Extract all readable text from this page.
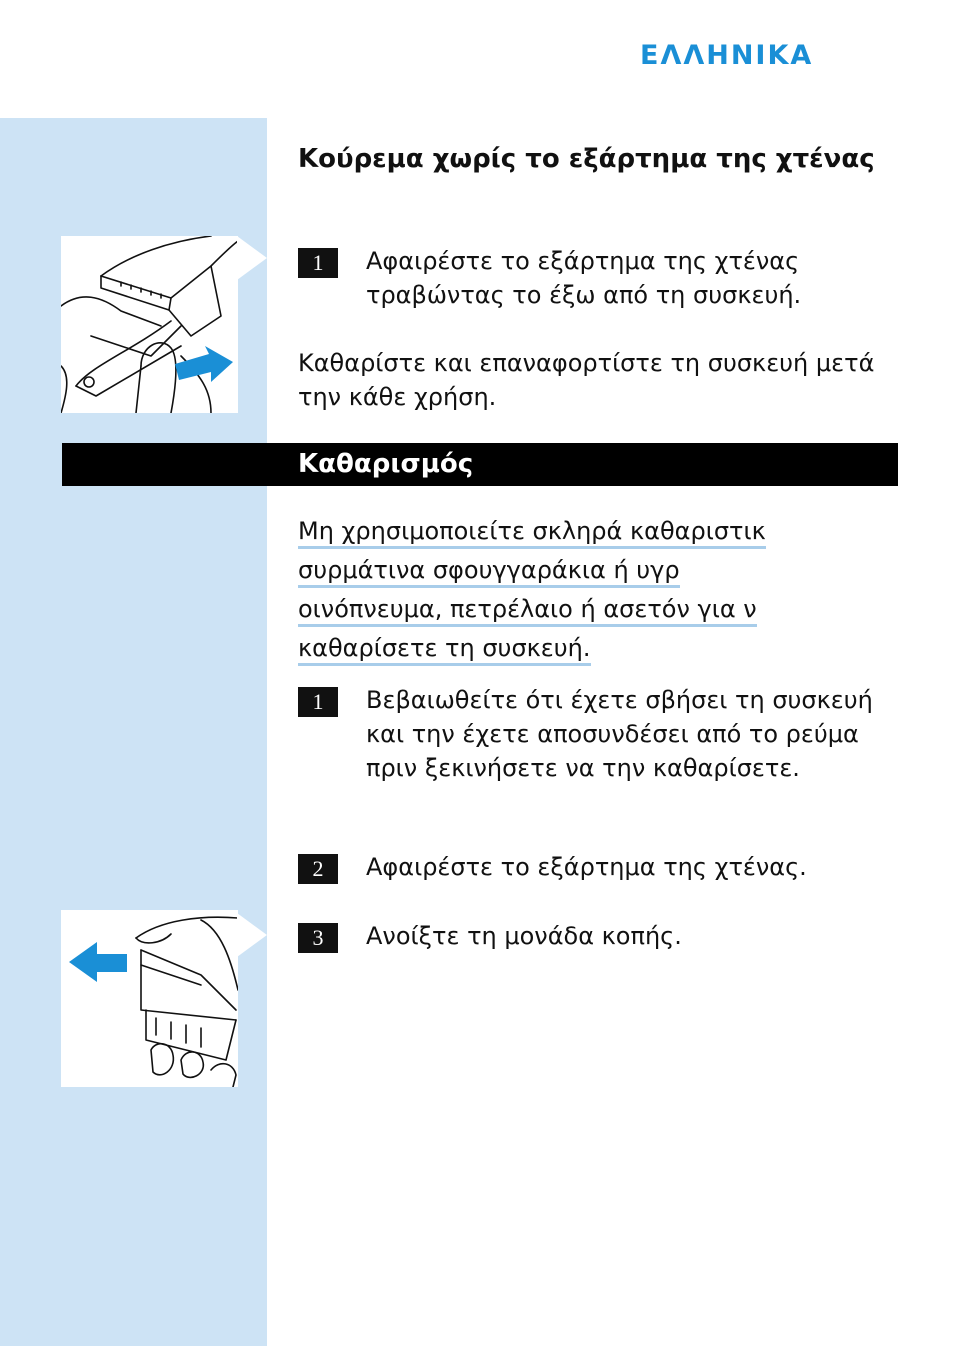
ΕΛΛΗΝΙΚΑ
Κούρεμα χωρίς το εξάρτημα της χτένας
1	Αφαιρέστε το εξάρτημα της χτένας τραβώντας το έξω από τη συσκευή.
Καθαρίστε και επαναφορτίστε τη συσκευή μετά την κάθε χρήση.
Καθαρισμός
Μη χρησιμοποιείτε σκληρά καθαριστικ
συρμάτινα σφουγγαράκια ή υγρ
οινόπνευμα, πετρέλαιο ή ασετόν για ν
καθαρίσετε τη συσκευή.
1	Βεβαιωθείτε ότι έχετε σβήσει τη συσκευή και την έχετε αποσυνδέσει από το ρεύμα πριν ξεκινήσετε να την καθαρίσετε.
2	Αφαιρέστε το εξάρτημα της χτένας.
3	Ανοίξτε τη μονάδα κοπής.
